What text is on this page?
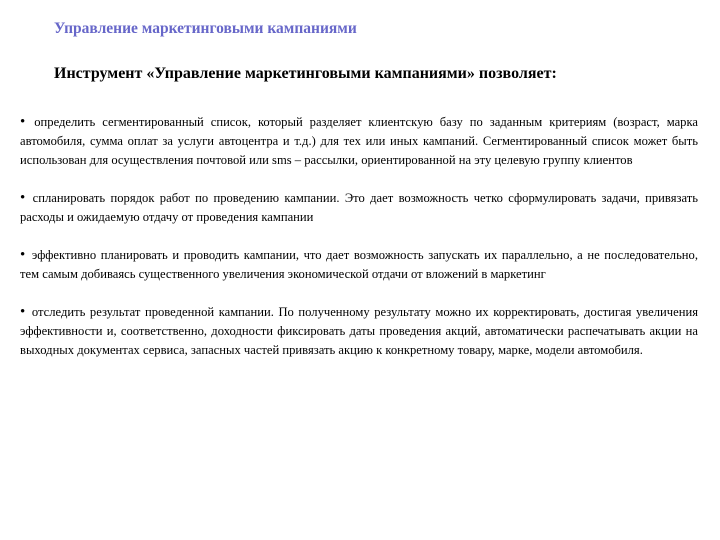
Управление маркетинговыми кампаниями
Инструмент «Управление маркетинговыми кампаниями» позволяет:

• определить сегментированный список, который разделяет клиентскую базу по заданным критериям (возраст, марка автомобиля, сумма оплат за услуги автоцентра и т.д.) для тех или иных кампаний. Сегментированный список может быть использован для осуществления почтовой или sms – рассылки, ориентированной на эту целевую группу клиентов

• спланировать порядок работ по проведению кампании. Это дает возможность четко сформулировать задачи, привязать расходы и ожидаемую отдачу от проведения кампании

• эффективно планировать и проводить кампании, что дает возможность запускать их параллельно, а не последовательно, тем самым добиваясь существенного увеличения экономической отдачи от вложений в маркетинг

• отследить результат проведенной кампании. По полученному результату можно их корректировать, достигая увеличения эффективности и, соответственно, доходности фиксировать даты проведения акций, автоматически распечатывать акции на выходных документах сервиса, запасных частей привязать акцию к конкретному товару, марке, модели автомобиля.
